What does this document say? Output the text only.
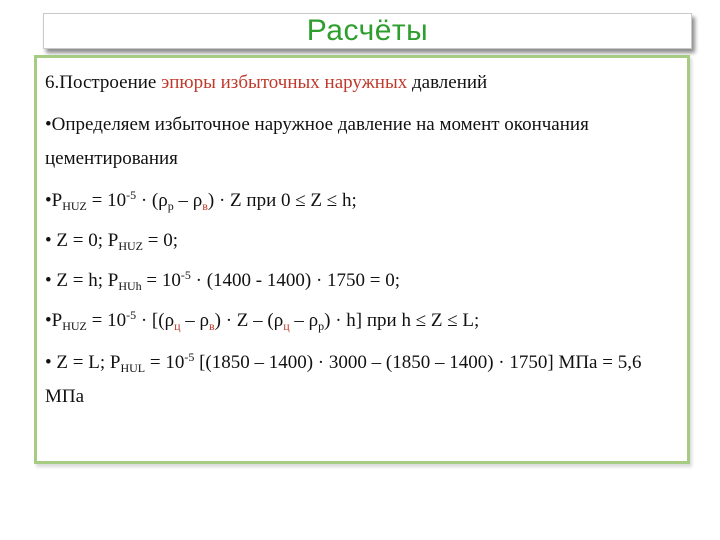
Расчёты
6.Построение эпюры избыточных наружных давлений
•Определяем избыточное наружное давление на момент окончания цементирования
$•P_{HUZ} = 10^{-5} \cdot (\rho_р - \rho_в) \cdot Z$ при 0 ≤ Z ≤ h;
• Z = 0; $P_{HUZ} = 0$;
• Z = h; $P_{HUh} = 10^{-5} \cdot (1400 - 1400) \cdot 1750 = 0$;
$•P_{HUZ} = 10^{-5} \cdot [(\rho_ц - \rho_в) \cdot Z - (\rho_ц - \rho_р) \cdot h]$ при h ≤ Z ≤ L;
• Z = L; $P_{HUL} = 10^{-5}$ [(1850 – 1400) · 3000 – (1850 – 1400) · 1750] МПа = 5,6 МПа
